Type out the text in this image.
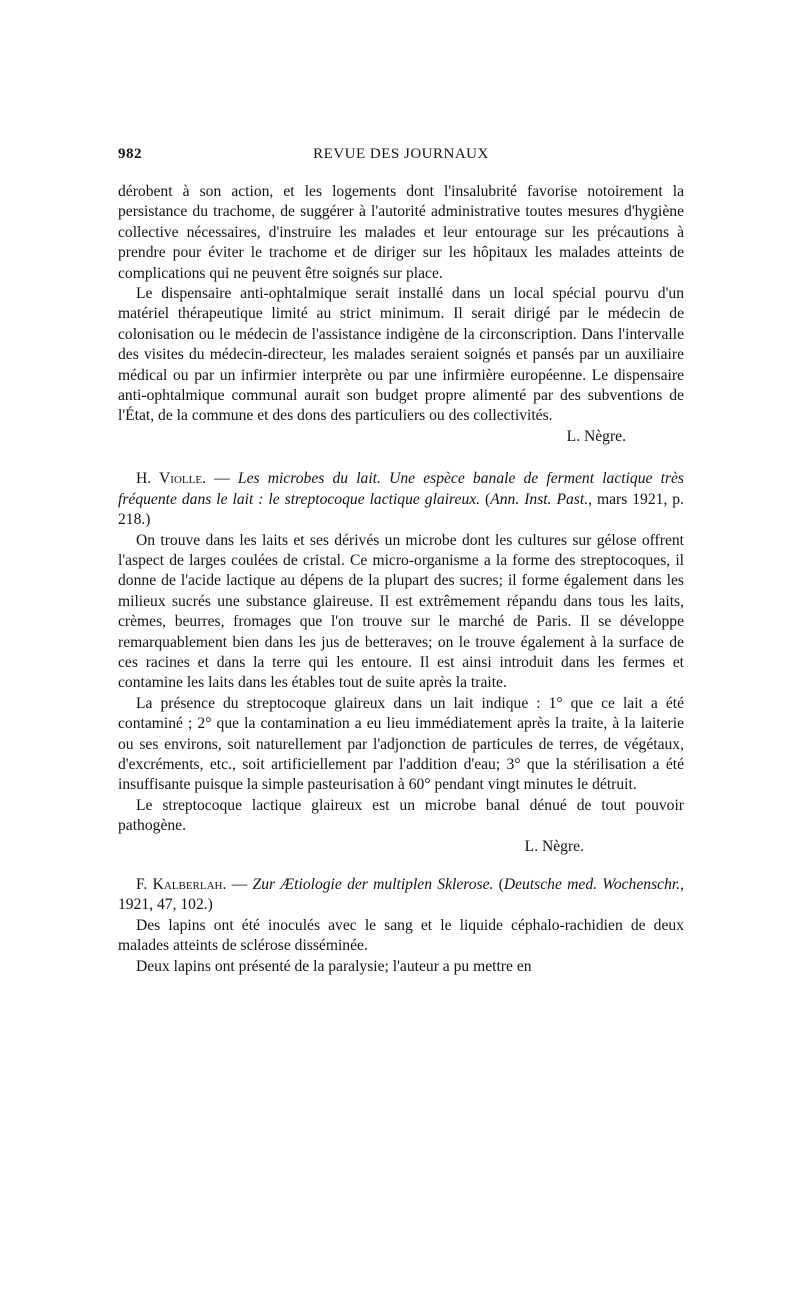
982	REVUE DES JOURNAUX

dérobent à son action, et les logements dont l'insalubrité favorise notoirement la persistance du trachome, de suggérer à l'autorité administrative toutes mesures d'hygiène collective nécessaires, d'instruire les malades et leur entourage sur les précautions à prendre pour éviter le trachome et de diriger sur les hôpitaux les malades atteints de complications qui ne peuvent être soignés sur place.

Le dispensaire anti-ophtalmique serait installé dans un local spécial pourvu d'un matériel thérapeutique limité au strict minimum. Il serait dirigé par le médecin de colonisation ou le médecin de l'assistance indigène de la circonscription. Dans l'intervalle des visites du médecin-directeur, les malades seraient soignés et pansés par un auxiliaire médical ou par un infirmier interprète ou par une infirmière européenne. Le dispensaire anti-ophtalmique communal aurait son budget propre alimenté par des subventions de l'État, de la commune et des dons des particuliers ou des collectivités.

L. Nègre.

H. Violle. — Les microbes du lait. Une espèce banale de ferment lactique très fréquente dans le lait : le streptocoque lactique glaireux. (Ann. Inst. Past., mars 1921, p. 218.)

On trouve dans les laits et ses dérivés un microbe dont les cultures sur gélose offrent l'aspect de larges coulées de cristal. Ce micro-organisme a la forme des streptocoques, il donne de l'acide lactique au dépens de la plupart des sucres; il forme également dans les milieux sucrés une substance glaireuse. Il est extrêmement répandu dans tous les laits, crèmes, beurres, fromages que l'on trouve sur le marché de Paris. Il se développe remarquablement bien dans les jus de betteraves; on le trouve également à la surface de ces racines et dans la terre qui les entoure. Il est ainsi introduit dans les fermes et contamine les laits dans les étables tout de suite après la traite.

La présence du streptocoque glaireux dans un lait indique : 1° que ce lait a été contaminé ; 2° que la contamination a eu lieu immédiatement après la traite, à la laiterie ou ses environs, soit naturellement par l'adjonction de particules de terres, de végétaux, d'excréments, etc., soit artificiellement par l'addition d'eau; 3° que la stérilisation a été insuffisante puisque la simple pasteurisation à 60° pendant vingt minutes le détruit.

Le streptocoque lactique glaireux est un microbe banal dénué de tout pouvoir pathogène.

L. Nègre.

F. Kalberlah. — Zur Ætiologie der multiplen Sklerose. (Deutsche med. Wochenschr., 1921, 47, 102.)

Des lapins ont été inoculés avec le sang et le liquide céphalo-rachidien de deux malades atteints de sclérose disséminée.

Deux lapins ont présenté de la paralysie; l'auteur a pu mettre en
